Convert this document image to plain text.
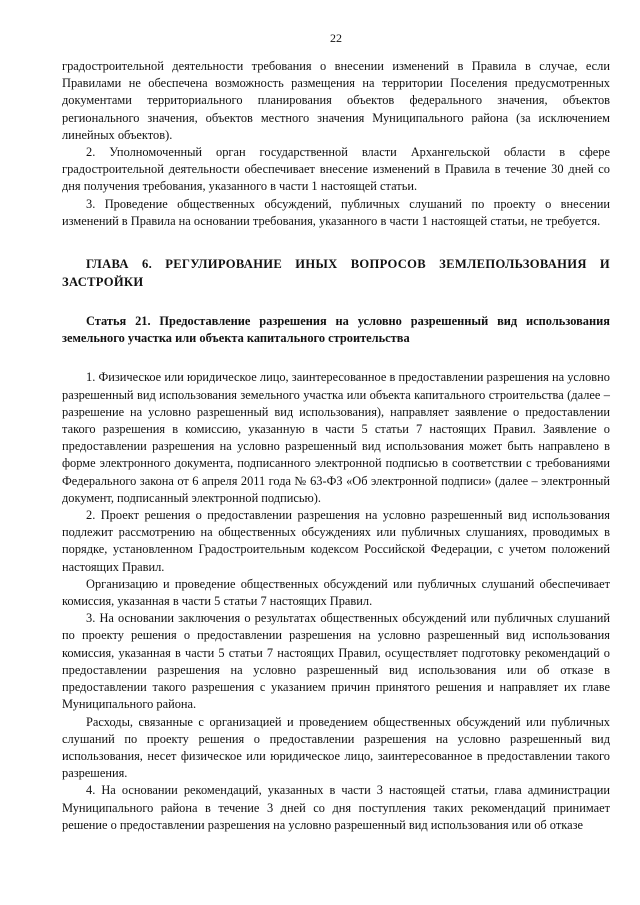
22

градостроительной деятельности требования о внесении изменений в Правила в случае, если Правилами не обеспечена возможность размещения на территории Поселения предусмотренных документами территориального планирования объектов федерального значения, объектов регионального значения, объектов местного значения Муниципального района (за исключением линейных объектов).

2. Уполномоченный орган государственной власти Архангельской области в сфере градостроительной деятельности обеспечивает внесение изменений в Правила в течение 30 дней со дня получения требования, указанного в части 1 настоящей статьи.

3. Проведение общественных обсуждений, публичных слушаний по проекту о внесении изменений в Правила на основании требования, указанного в части 1 настоящей статьи, не требуется.

ГЛАВА 6. РЕГУЛИРОВАНИЕ ИНЫХ ВОПРОСОВ ЗЕМЛЕПОЛЬЗОВАНИЯ И ЗАСТРОЙКИ
Статья 21. Предоставление разрешения на условно разрешенный вид использования земельного участка или объекта капитального строительства

1. Физическое или юридическое лицо, заинтересованное в предоставлении разрешения на условно разрешенный вид использования земельного участка или объекта капитального строительства (далее – разрешение на условно разрешенный вид использования), направляет заявление о предоставлении такого разрешения в комиссию, указанную в части 5 статьи 7 настоящих Правил. Заявление о предоставлении разрешения на условно разрешенный вид использования может быть направлено в форме электронного документа, подписанного электронной подписью в соответствии с требованиями Федерального закона от 6 апреля 2011 года № 63-ФЗ «Об электронной подписи» (далее – электронный документ, подписанный электронной подписью).

2. Проект решения о предоставлении разрешения на условно разрешенный вид использования подлежит рассмотрению на общественных обсуждениях или публичных слушаниях, проводимых в порядке, установленном Градостроительным кодексом Российской Федерации, с учетом положений настоящих Правил.

Организацию и проведение общественных обсуждений или публичных слушаний обеспечивает комиссия, указанная в части 5 статьи 7 настоящих Правил.

3. На основании заключения о результатах общественных обсуждений или публичных слушаний по проекту решения о предоставлении разрешения на условно разрешенный вид использования комиссия, указанная в части 5 статьи 7 настоящих Правил, осуществляет подготовку рекомендаций о предоставлении разрешения на условно разрешенный вид использования или об отказе в предоставлении такого разрешения с указанием причин принятого решения и направляет их главе Муниципального района.

Расходы, связанные с организацией и проведением общественных обсуждений или публичных слушаний по проекту решения о предоставлении разрешения на условно разрешенный вид использования, несет физическое или юридическое лицо, заинтересованное в предоставлении такого разрешения.

4. На основании рекомендаций, указанных в части 3 настоящей статьи, глава администрации Муниципального района в течение 3 дней со дня поступления таких рекомендаций принимает решение о предоставлении разрешения на условно разрешенный вид использования или об отказе
